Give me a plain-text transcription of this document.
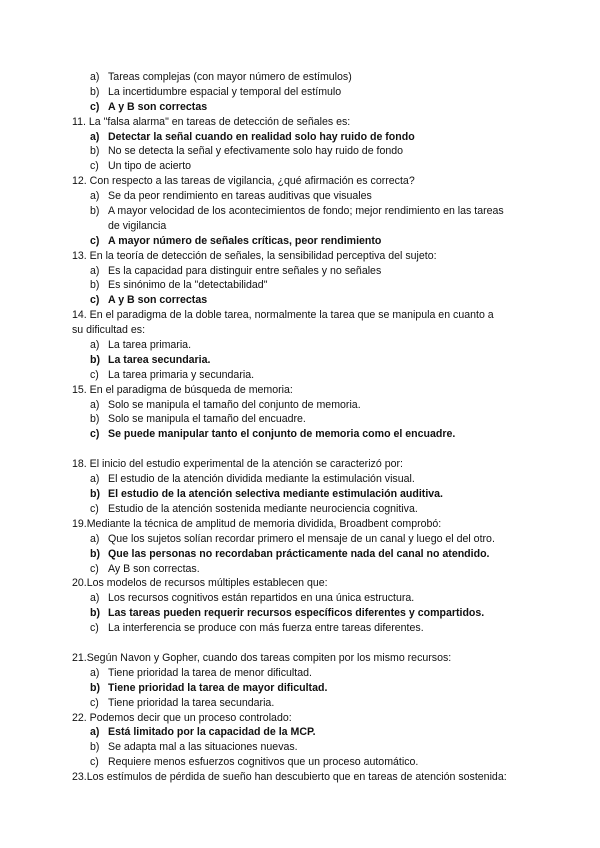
a) Tareas complejas (con mayor número de estímulos)
b) La incertidumbre espacial y temporal del estímulo
c) A y B son correctas
11. La "falsa alarma" en tareas de detección de señales es:
a) Detectar la señal cuando en realidad solo hay ruido de fondo
b) No se detecta la señal y efectivamente solo hay ruido de fondo
c) Un tipo de acierto
12. Con respecto a las tareas de vigilancia, ¿qué afirmación es correcta?
a) Se da peor rendimiento en tareas auditivas que visuales
b) A mayor velocidad de los acontecimientos de fondo; mejor rendimiento en las tareas
de vigilancia
c) A mayor número de señales críticas, peor rendimiento
13. En la teoría de detección de señales, la sensibilidad perceptiva del sujeto:
a) Es la capacidad para distinguir entre señales y no señales
b) Es sinónimo de la "detectabilidad"
c) A y B son correctas
14. En el paradigma de la doble tarea, normalmente la tarea que se manipula en cuanto a
su dificultad es:
a) La tarea primaria.
b) La tarea secundaria.
c) La tarea primaria y secundaria.
15. En el paradigma de búsqueda de memoria:
a) Solo se manipula el tamaño del conjunto de memoria.
b) Solo se manipula el tamaño del encuadre.
c) Se puede manipular tanto el conjunto de memoria como el encuadre.
18. El inicio del estudio experimental de la atención se caracterizó por:
a) El estudio de la atención dividida mediante la estimulación visual.
b) El estudio de la atención selectiva mediante estimulación auditiva.
c) Estudio de la atención sostenida mediante neurociencia cognitiva.
19.Mediante la técnica de amplitud de memoria dividida, Broadbent comprobó:
a) Que los sujetos solían recordar primero el mensaje de un canal y luego el del otro.
b) Que las personas no recordaban prácticamente nada del canal no atendido.
c) Ay B son correctas.
20.Los modelos de recursos múltiples establecen que:
a) Los recursos cognitivos están repartidos en una única estructura.
b) Las tareas pueden requerir recursos específicos diferentes y compartidos.
c) La interferencia se produce con más fuerza entre tareas diferentes.
21.Según Navon y Gopher, cuando dos tareas compiten por los mismo recursos:
a) Tiene prioridad la tarea de menor dificultad.
b) Tiene prioridad la tarea de mayor dificultad.
c) Tiene prioridad la tarea secundaria.
22. Podemos decir que un proceso controlado:
a) Está limitado por la capacidad de la MCP.
b) Se adapta mal a las situaciones nuevas.
c) Requiere menos esfuerzos cognitivos que un proceso automático.
23.Los estímulos de pérdida de sueño han descubierto que en tareas de atención sostenida:
